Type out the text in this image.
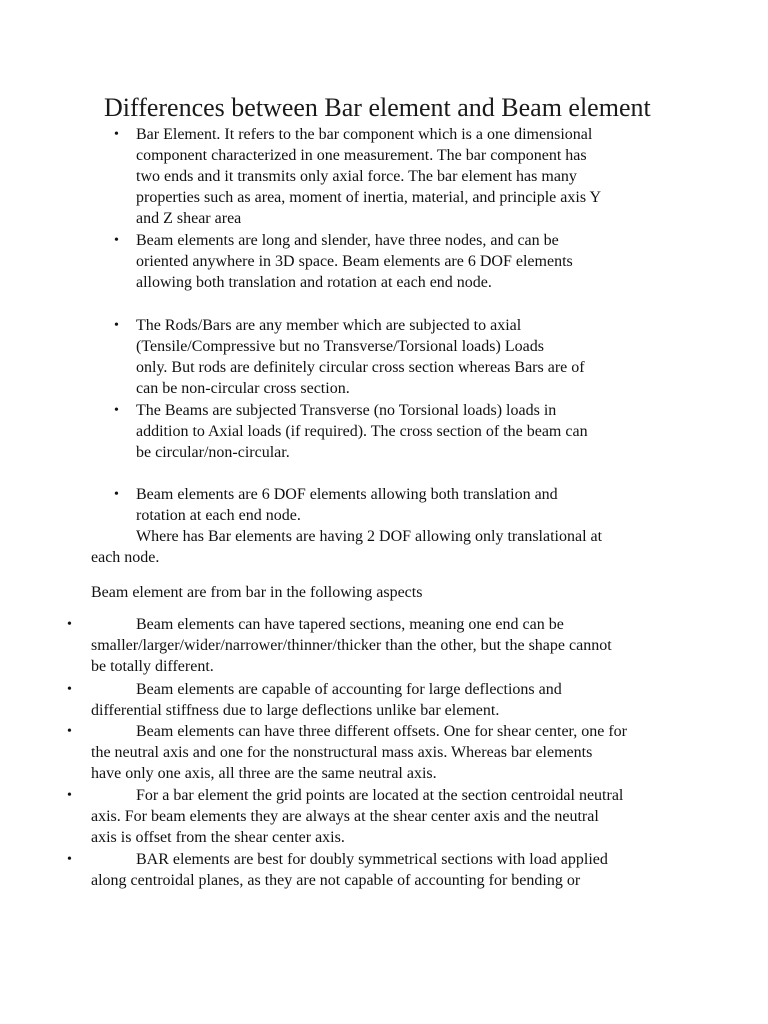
Differences between Bar element and Beam element
• Bar Element. It refers to the bar component which is a one dimensional
component characterized in one measurement. The bar component has
two ends and it transmits only axial force. The bar element has many
properties such as area, moment of inertia, material, and principle axis Y
and Z shear area
• Beam elements are long and slender, have three nodes, and can be
oriented anywhere in 3D space. Beam elements are 6 DOF elements
allowing both translation and rotation at each end node.
• The Rods/Bars are any member which are subjected to axial
(Tensile/Compressive but no Transverse/Torsional loads) Loads
only. But rods are definitely circular cross section whereas Bars are of
can be non-circular cross section.
• The Beams are subjected Transverse (no Torsional loads) loads in
addition to Axial loads (if required). The cross section of the beam can
be circular/non-circular.
• Beam elements are 6 DOF elements allowing both translation and
rotation at each end node.
Where has Bar elements are having 2 DOF allowing only translational at
each node.
Beam element are from bar in the following aspects
•	Beam elements can have tapered sections, meaning one end can be
smaller/larger/wider/narrower/thinner/thicker than the other, but the shape cannot
be totally different.
•	Beam elements are capable of accounting for large deflections and
differential stiffness due to large deflections unlike bar element.
•	Beam elements can have three different offsets. One for shear center, one for
the neutral axis and one for the nonstructural mass axis. Whereas bar elements
have only one axis, all three are the same neutral axis.
•	For a bar element the grid points are located at the section centroidal neutral
axis. For beam elements they are always at the shear center axis and the neutral
axis is offset from the shear center axis.
•	BAR elements are best for doubly symmetrical sections with load applied
along centroidal planes, as they are not capable of accounting for bending or
